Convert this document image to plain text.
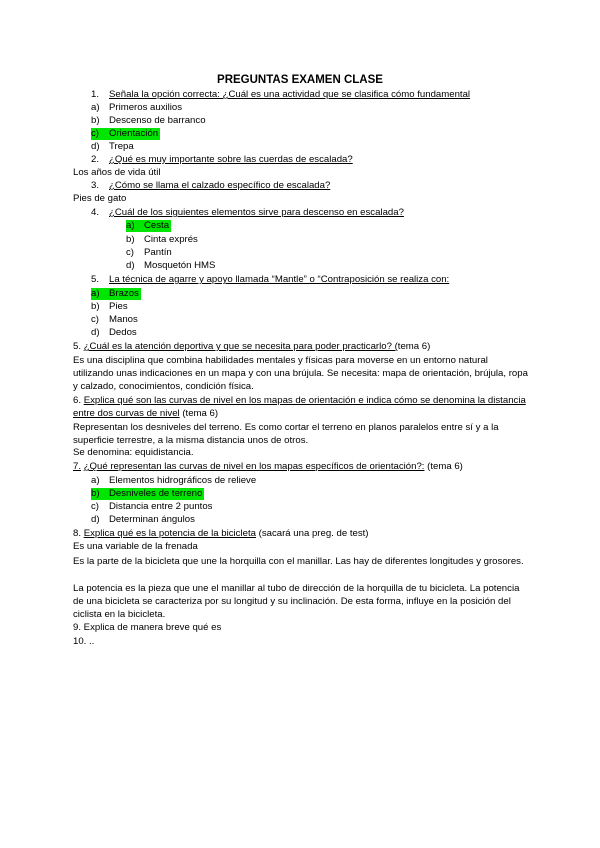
PREGUNTAS EXAMEN CLASE
1. Señala la opción correcta: ¿Cuál es una actividad que se clasifica cómo fundamental
a) Primeros auxilios
b) Descenso de barranco
c) Orientación
d) Trepa
2. ¿Qué es muy importante sobre las cuerdas de escalada?
Los años de vida útil
3. ¿Cómo se llama el calzado específico de escalada?
Pies de gato
4. ¿Cuál de los siguientes elementos sirve para descenso en escalada?
a) Cesta
b) Cinta exprés
c) Pantín
d) Mosquetón HMS
5. La técnica de agarre y apoyo llamada “Mantle” o “Contraposición se realiza con:
a) Brazos
b) Pies
c) Manos
d) Dedos
5. ¿Cuál es la atención deportiva y que se necesita para poder practicarlo? (tema 6)
Es una disciplina que combina habilidades mentales y físicas para moverse en un entorno natural utilizando unas indicaciones en un mapa y con una brújula. Se necesita: mapa de orientación, brújula, ropa y calzado, conocimientos, condición física.
6. Explica qué son las curvas de nivel en los mapas de orientación e indica cómo se denomina la distancia entre dos curvas de nivel (tema 6)
Representan los desniveles del terreno. Es como cortar el terreno en planos paralelos entre sí y a la superficie terrestre, a la misma distancia unos de otros.
Se denomina: equidistancia.
7. ¿Qué representan las curvas de nivel en los mapas específicos de orientación?: (tema 6)
a) Elementos hidrográficos de relieve
b) Desniveles de terreno
c) Distancia entre 2 puntos
d) Determinan ángulos
8. Explica qué es la potencia de la bicicleta (sacará una preg. de test)
Es una variable de la frenada
Es la parte de la bicicleta que une la horquilla con el manillar. Las hay de diferentes longitudes y grosores.
La potencia es la pieza que une el manillar al tubo de dirección de la horquilla de tu bicicleta. La potencia de una bicicleta se caracteriza por su longitud y su inclinación. De esta forma, influye en la posición del ciclista en la bicicleta.
9. Explica de manera breve qué es
10. ..
